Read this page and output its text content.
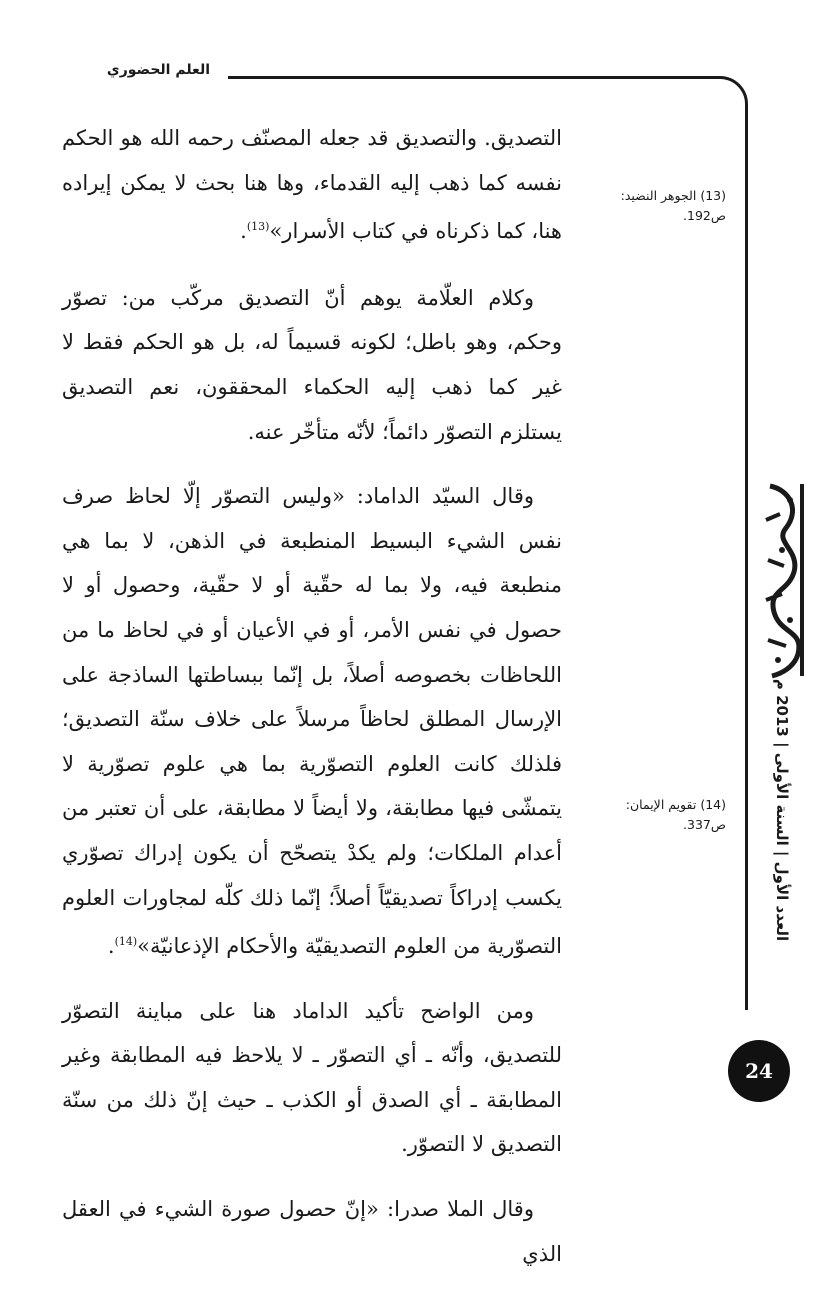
العلم الحضوري

التصديق. والتصديق قد جعله المصنّف رحمه الله هو الحكم نفسه كما ذهب إليه القدماء، وها هنا بحث لا يمكن إيراده هنا، كما ذكرناه في كتاب الأسرار»$^{(13)}$.

وكلام العلّامة يوهم أنّ التصديق مركّب من: تصوّر وحكم، وهو باطل؛ لكونه قسيماً له، بل هو الحكم فقط لا غير كما ذهب إليه الحكماء المحققون، نعم التصديق يستلزم التصوّر دائماً؛ لأنّه متأخّر عنه.

وقال السيّد الداماد: «وليس التصوّر إلّا لحاظ صرف نفس الشيء البسيط المنطبعة في الذهن، لا بما هي منطبعة فيه، ولا بما له حقّية أو لا حقّية، وحصول أو لا حصول في نفس الأمر، أو في الأعيان أو في لحاظ ما من اللحاظات بخصوصه أصلاً، بل إنّما ببساطتها الساذجة على الإرسال المطلق لحاظاً مرسلاً على خلاف سنّة التصديق؛ فلذلك كانت العلوم التصوّرية بما هي علوم تصوّرية لا يتمشّى فيها مطابقة، ولا أيضاً لا مطابقة، على أن تعتبر من أعدام الملكات؛ ولم يكدْ يتصحّح أن يكون إدراك تصوّري يكسب إدراكاً تصديقيّاً أصلاً؛ إنّما ذلك كلّه لمجاورات العلوم التصوّرية من العلوم التصديقيّة والأحكام الإذعانيّة»$^{(14)}$.

ومن الواضح تأكيد الداماد هنا على مباينة التصوّر للتصديق، وأنّه ـ أي التصوّر ـ لا يلاحظ فيه المطابقة وغير المطابقة ـ أي الصدق أو الكذب ـ حيث إنّ ذلك من سنّة التصديق لا التصوّر.

وقال الملا صدرا: «إنّ حصول صورة الشيء في العقل الذي

(13) الجوهر النضيد:
ص192.
(14) تقويم الإيمان:
ص337.
العدد الأول | السنة الأولى | 2013 م
24
